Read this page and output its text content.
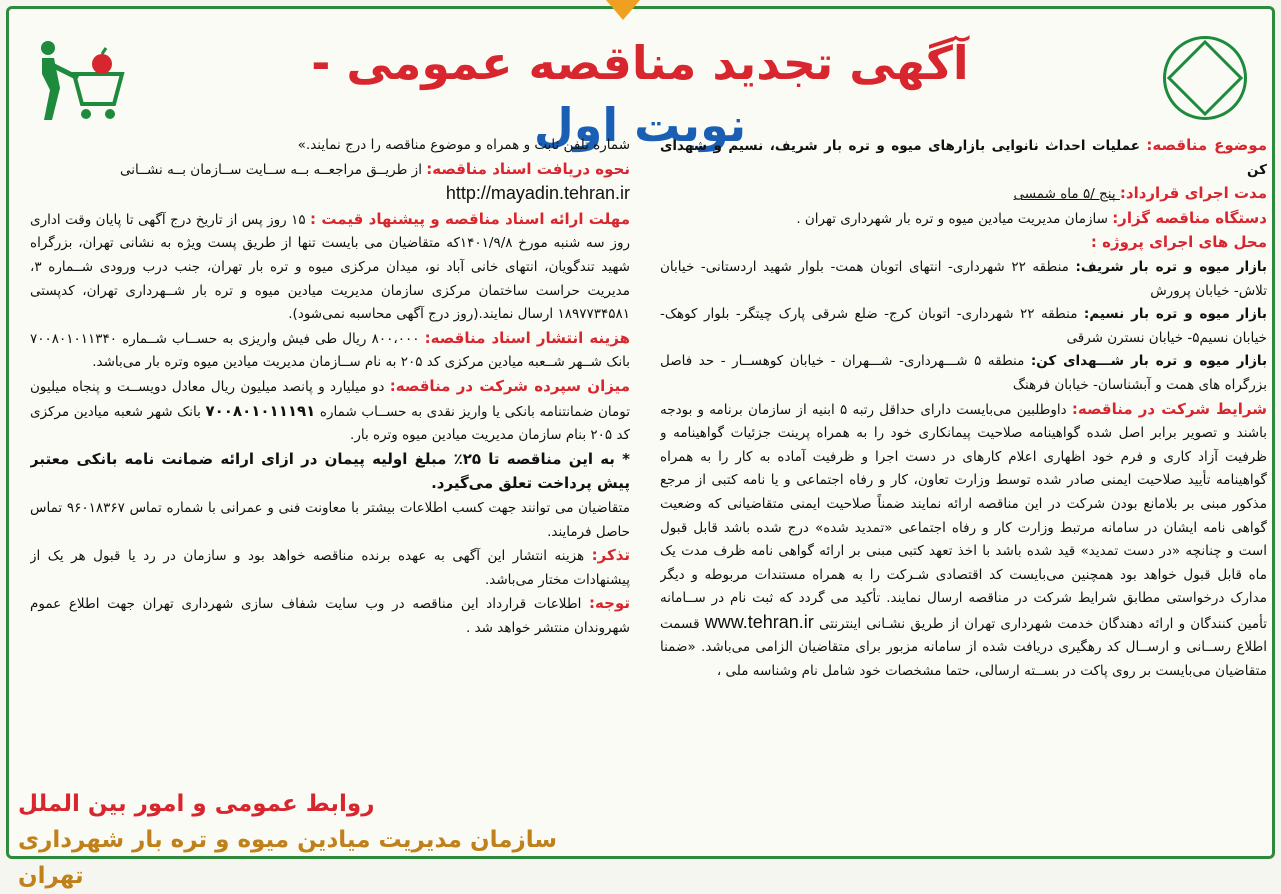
آگهی تجدید مناقصه عمومی - نوبت اول	موضوع مناقصه: عملیات احداث نانوایی بازارهای میوه و تره بار شریف، نسیم و شهدای کن

مدت اجرای قرارداد: پنج /۵ ماه شمسی

دستگاه مناقصه گزار: سازمان مدیریت میادین میوه و تره بار شهرداری تهران .

محل های اجرای پروژه :

بازار میوه و تره بار شریف: منطقه ۲۲ شهرداری- انتهای اتوبان همت- بلوار شهید اردستانی- خیابان تلاش- خیابان پرورش

بازار میوه و تره بار نسیم: منطقه ۲۲ شهرداری- اتوبان کرج- ضلع شرقی پارک چیتگر- بلوار کوهک- خیابان نسیم۵- خیابان نسترن شرقی

بازار میوه و تره بار شـــهدای کن: منطقه ۵ شـــهرداری- شـــهران - خیابان کوهســار - حد فاصل بزرگراه های همت و آبشناسان- خیابان فرهنگ

شرایط شرکت در مناقصه: داوطلبین می‌بایست دارای حداقل رتبه ۵ ابنیه از سازمان برنامه و بودجه باشند و تصویر برابر اصل شده گواهینامه صلاحیت پیمانکاری خود را به همراه پرینت جزئیات گواهینامه و ظرفیت آزاد کاری و فرم خود اظهاری اعلام کارهای در دست اجرا و ظرفیت آماده به کار را به همراه گواهینامه تأیید صلاحیت ایمنی صادر شده توسط وزارت تعاون، کار و رفاه اجتماعی و یا نامه کتبی از مرجع مذکور مبنی بر بلامانع بودن شرکت در این مناقصه ارائه نمایند ضمناً صلاحیت ایمنی متقاضیانی که وضعیت گواهی نامه ایشان در سامانه مرتبط وزارت کار و رفاه اجتماعی «تمدید شده» درج شده باشد قابل قبول است و چنانچه «در دست تمدید» قید شده باشد با اخذ تعهد کتبی مبنی بر ارائه گواهی نامه ظرف مدت یک ماه قابل قبول خواهد بود همچنین می‌بایست کد اقتصادی شـرکت را به همراه مستندات مربوطه و دیگر مدارک درخواستی مطابق شرایط شرکت در مناقصه ارسال نمایند. تأکید می گردد که ثبت نام در ســامانه تأمین کنندگان و ارائه دهندگان خدمت شهرداری تهران از طریق نشـانی اینترنتی www.tehran.ir قسمت اطلاع رســانی و ارســال کد رهگیری دریافت شده از سامانه مزبور برای متقاضیان الزامی می‌باشد. «ضمنا متقاضیان می‌بایست بر روی پاکت در بســته ارسالی، حتما مشخصات خود شامل نام وشناسه ملی ،

شماره تلفن ثابت و همراه و موضوع مناقصه را درج نمایند.»

نحوه دریافت اسناد مناقصه: از طریــق مراجعــه بــه ســایت ســازمان بــه نشــانی

http://mayadin.tehran.ir

مهلت ارائه اسناد مناقصه و پیشنهاد قیمت : ۱۵ روز پس از تاریخ درج آگهی تا پایان وقت اداری روز سه شنبه مورخ ۱۴۰۱/۹/۸که متقاضیان می بایست تنها از طریق پست ویژه به نشانی تهران، بزرگراه شهید تندگویان، انتهای خانی آباد نو، میدان مرکزی میوه و تره بار تهران، جنب درب ورودی شــماره ۳، مدیریت حراست ساختمان مرکزی سازمان مدیریت میادین میوه و تره بار شــهرداری تهران، کدپستی ۱۸۹۷۷۳۴۵۸۱ ارسال نمایند.(روز درج آگهی محاسبه نمی‌شود).

هزینه انتشار اسناد مناقصه: ۸۰۰،۰۰۰ ریال طی فیش واریزی به حســاب شــماره ۷۰۰۸۰۱۰۱۱۳۴۰ بانک شــهر شــعبه میادین مرکزی کد ۲۰۵ به نام ســازمان مدیریت میادین میوه وتره بار می‌باشد.

میزان سپرده شرکت در مناقصه: دو میلیارد و پانصد میلیون ریال معادل دویســت و پنجاه میلیون تومان ضمانتنامه بانکی یا واریز نقدی به حســاب شماره ۷۰۰۸۰۱۰۱۱۱۹۱ بانک شهر شعبه میادین مرکزی کد ۲۰۵ بنام سازمان مدیریت میادین میوه وتره بار.

* به این مناقصه تا ۲۵٪ مبلغ اولیه پیمان در ازای ارائه ضمانت نامه بانکی معتبر پیش پرداخت تعلق می‌گیرد.

متقاضیان می توانند جهت کسب اطلاعات بیشتر با معاونت فنی و عمرانی با شماره تماس ۹۶۰۱۸۳۶۷ تماس حاصل فرمایند.

تذکر: هزینه انتشار این آگهی به عهده برنده مناقصه خواهد بود و سازمان در رد یا قبول هر یک از پیشنهادات مختار می‌باشد.

توجه: اطلاعات قرارداد این مناقصه در وب سایت شفاف سازی شهرداری تهران جهت اطلاع عموم شهروندان منتشر خواهد شد .

روابط عمومی و امور بین الملل
سازمان مدیریت میادین میوه و تره بار شهرداری تهران
